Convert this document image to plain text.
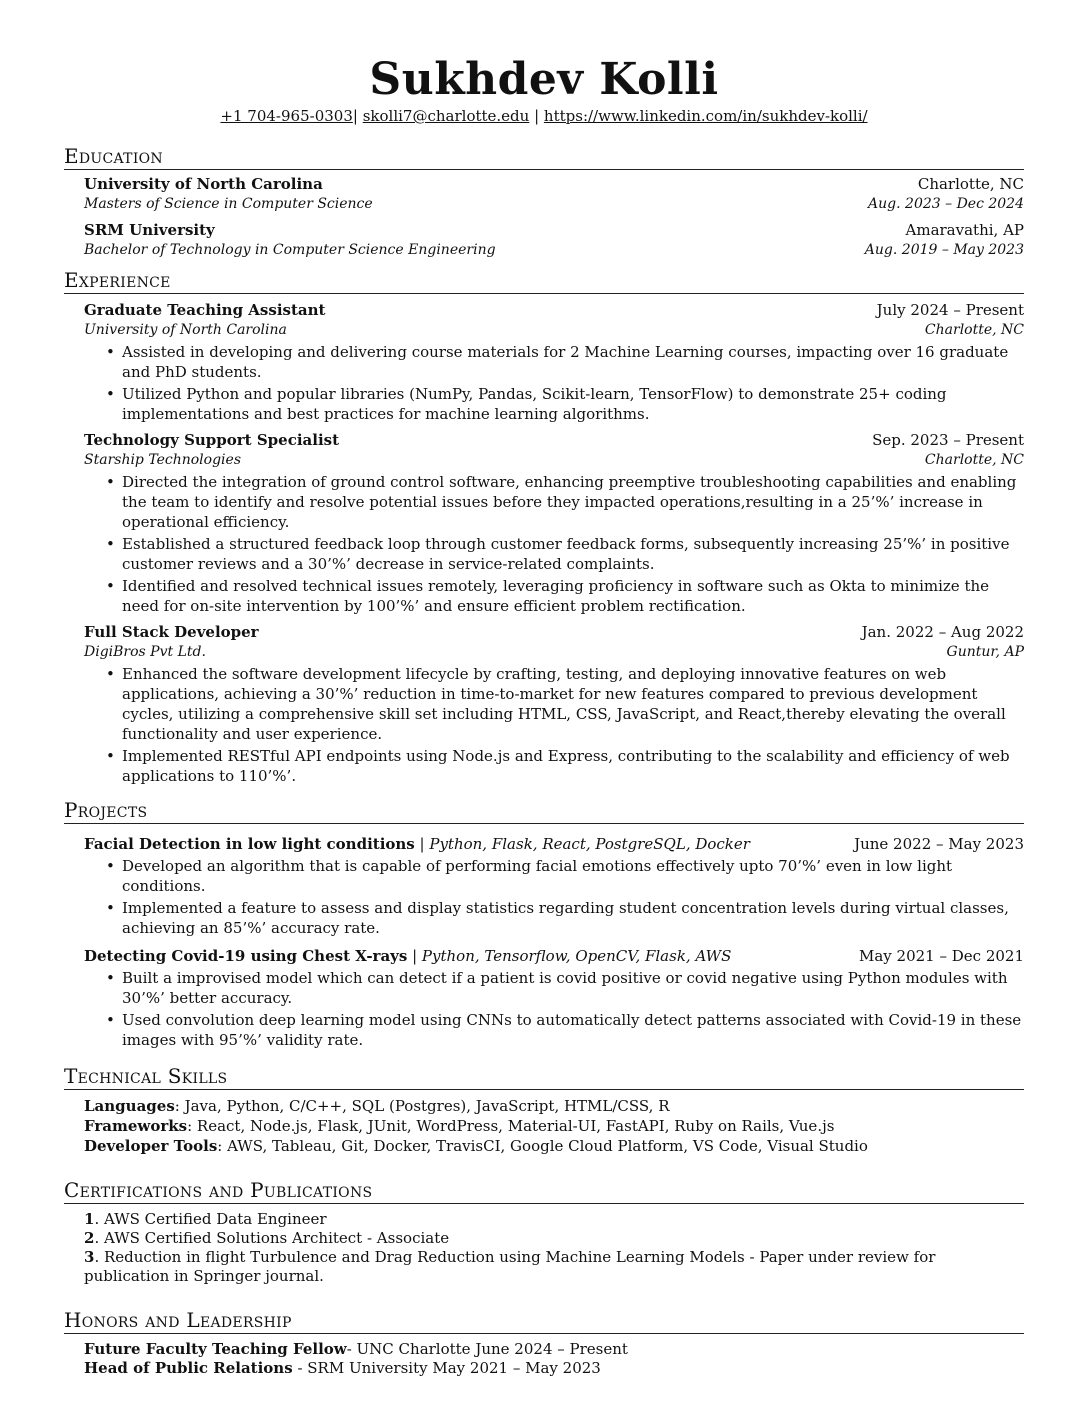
Sukhdev Kolli
+1 704-965-0303| skolli7@charlotte.edu | https://www.linkedin.com/in/sukhdev-kolli/
Education
University of North Carolina	Charlotte, NC
Masters of Science in Computer Science	Aug. 2023 – Dec 2024
SRM University	Amaravathi, AP
Bachelor of Technology in Computer Science Engineering	Aug. 2019 – May 2023
Experience
Graduate Teaching Assistant	July 2024 – Present
University of North Carolina	Charlotte, NC
• Assisted in developing and delivering course materials for 2 Machine Learning courses, impacting over 16 graduate and PhD students.
• Utilized Python and popular libraries (NumPy, Pandas, Scikit-learn, TensorFlow) to demonstrate 25+ coding implementations and best practices for machine learning algorithms.
Technology Support Specialist	Sep. 2023 – Present
Starship Technologies	Charlotte, NC
• Directed the integration of ground control software, enhancing preemptive troubleshooting capabilities and enabling the team to identify and resolve potential issues before they impacted operations,resulting in a 25’%’ increase in operational efficiency.
• Established a structured feedback loop through customer feedback forms, subsequently increasing 25’%’ in positive customer reviews and a 30’%’ decrease in service-related complaints.
• Identified and resolved technical issues remotely, leveraging proficiency in software such as Okta to minimize the need for on-site intervention by 100’%’ and ensure efficient problem rectification.
Full Stack Developer	Jan. 2022 – Aug 2022
DigiBros Pvt Ltd.	Guntur, AP
• Enhanced the software development lifecycle by crafting, testing, and deploying innovative features on web applications, achieving a 30’%’ reduction in time-to-market for new features compared to previous development cycles, utilizing a comprehensive skill set including HTML, CSS, JavaScript, and React,thereby elevating the overall functionality and user experience.
• Implemented RESTful API endpoints using Node.js and Express, contributing to the scalability and efficiency of web applications to 110’%’.
Projects
Facial Detection in low light conditions | Python, Flask, React, PostgreSQL, Docker	June 2022 – May 2023
• Developed an algorithm that is capable of performing facial emotions effectively upto 70’%’ even in low light conditions.
• Implemented a feature to assess and display statistics regarding student concentration levels during virtual classes, achieving an 85’%’ accuracy rate.
Detecting Covid-19 using Chest X-rays | Python, Tensorflow, OpenCV, Flask, AWS	May 2021 – Dec 2021
• Built a improvised model which can detect if a patient is covid positive or covid negative using Python modules with 30’%’ better accuracy.
• Used convolution deep learning model using CNNs to automatically detect patterns associated with Covid-19 in these images with 95’%’ validity rate.
Technical Skills
Languages: Java, Python, C/C++, SQL (Postgres), JavaScript, HTML/CSS, R
Frameworks: React, Node.js, Flask, JUnit, WordPress, Material-UI, FastAPI, Ruby on Rails, Vue.js
Developer Tools: AWS, Tableau, Git, Docker, TravisCI, Google Cloud Platform, VS Code, Visual Studio
Certifications and Publications
1. AWS Certified Data Engineer
2. AWS Certified Solutions Architect - Associate
3. Reduction in flight Turbulence and Drag Reduction using Machine Learning Models - Paper under review for publication in Springer journal.
Honors and Leadership
Future Faculty Teaching Fellow- UNC Charlotte June 2024 – Present
Head of Public Relations - SRM University May 2021 – May 2023
